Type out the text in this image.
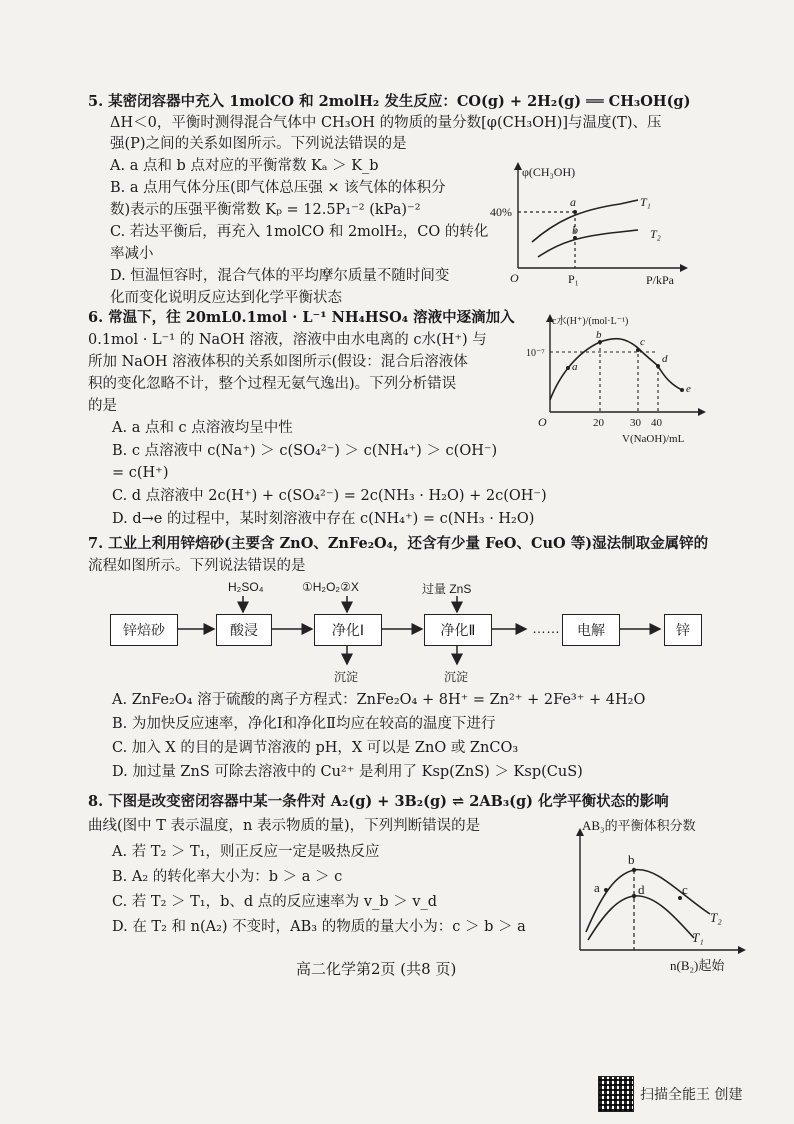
5. 某密闭容器中充入 1molCO 和 2molH₂ 发生反应：CO(g) + 2H₂(g) ══ CH₃OH(g)
ΔH＜0，平衡时测得混合气体中 CH₃OH 的物质的量分数[φ(CH₃OH)]与温度(T)、压
强(P)之间的关系如图所示。下列说法错误的是
A. a 点和 b 点对应的平衡常数 Kₐ ＞ K_b
B. a 点用气体分压(即气体总压强 × 该气体的体积分
数)表示的压强平衡常数 Kₚ = 12.5P₁⁻² (kPa)⁻²
C. 若达平衡后，再充入 1molCO 和 2molH₂，CO 的转化
率减小
D. 恒温恒容时，混合气体的平均摩尔质量不随时间变
化而变化说明反应达到化学平衡状态
φ(CH₃OH)
P/kPa
O
40%
P₁
a
b
T₁
T₂
6. 常温下，往 20mL0.1mol · L⁻¹ NH₄HSO₄ 溶液中逐滴加入
0.1mol · L⁻¹ 的 NaOH 溶液，溶液中由水电离的 c水(H⁺) 与
所加 NaOH 溶液体积的关系如图所示(假设：混合后溶液体
积的变化忽略不计，整个过程无氨气逸出)。下列分析错误
的是
A. a 点和 c 点溶液均呈中性
B. c 点溶液中 c(Na⁺) ＞ c(SO₄²⁻) ＞ c(NH₄⁺) ＞ c(OH⁻)
= c(H⁺)
C. d 点溶液中 2c(H⁺) + c(SO₄²⁻) = 2c(NH₃ · H₂O) + 2c(OH⁻)
D. d→e 的过程中，某时刻溶液中存在 c(NH₄⁺) = c(NH₃ · H₂O)
c水(H⁺)/(mol·L⁻¹)
V(NaOH)/mL
O
10⁻⁷
20 30 40
a
b
c
d
e
7. 工业上利用锌焙砂(主要含 ZnO、ZnFe₂O₄，还含有少量 FeO、CuO 等)湿法制取金属锌的
流程如图所示。下列说法错误的是
锌焙砂	酸浸	净化Ⅰ	净化Ⅱ	……	电解	锌
H₂SO₄	①H₂O₂②X	过量 ZnS
沉淀	沉淀
A. ZnFe₂O₄ 溶于硫酸的离子方程式：ZnFe₂O₄ + 8H⁺ = Zn²⁺ + 2Fe³⁺ + 4H₂O
B. 为加快反应速率，净化Ⅰ和净化Ⅱ均应在较高的温度下进行
C. 加入 X 的目的是调节溶液的 pH，X 可以是 ZnO 或 ZnCO₃
D. 加过量 ZnS 可除去溶液中的 Cu²⁺ 是利用了 Ksp(ZnS) ＞ Ksp(CuS)
8. 下图是改变密闭容器中某一条件对 A₂(g) + 3B₂(g) ⇌ 2AB₃(g) 化学平衡状态的影响
曲线(图中 T 表示温度，n 表示物质的量)，下列判断错误的是
A. 若 T₂ ＞ T₁，则正反应一定是吸热反应
B. A₂ 的转化率大小为：b ＞ a ＞ c
C. 若 T₂ ＞ T₁，b、d 点的反应速率为 v_b ＞ v_d
D. 在 T₂ 和 n(A₂) 不变时，AB₃ 的物质的量大小为：c ＞ b ＞ a
AB₃的平衡体积分数
n(B₂)起始
a
b
c
d
T₁
T₂
高二化学第2页 (共8 页)
扫描全能王 创建
